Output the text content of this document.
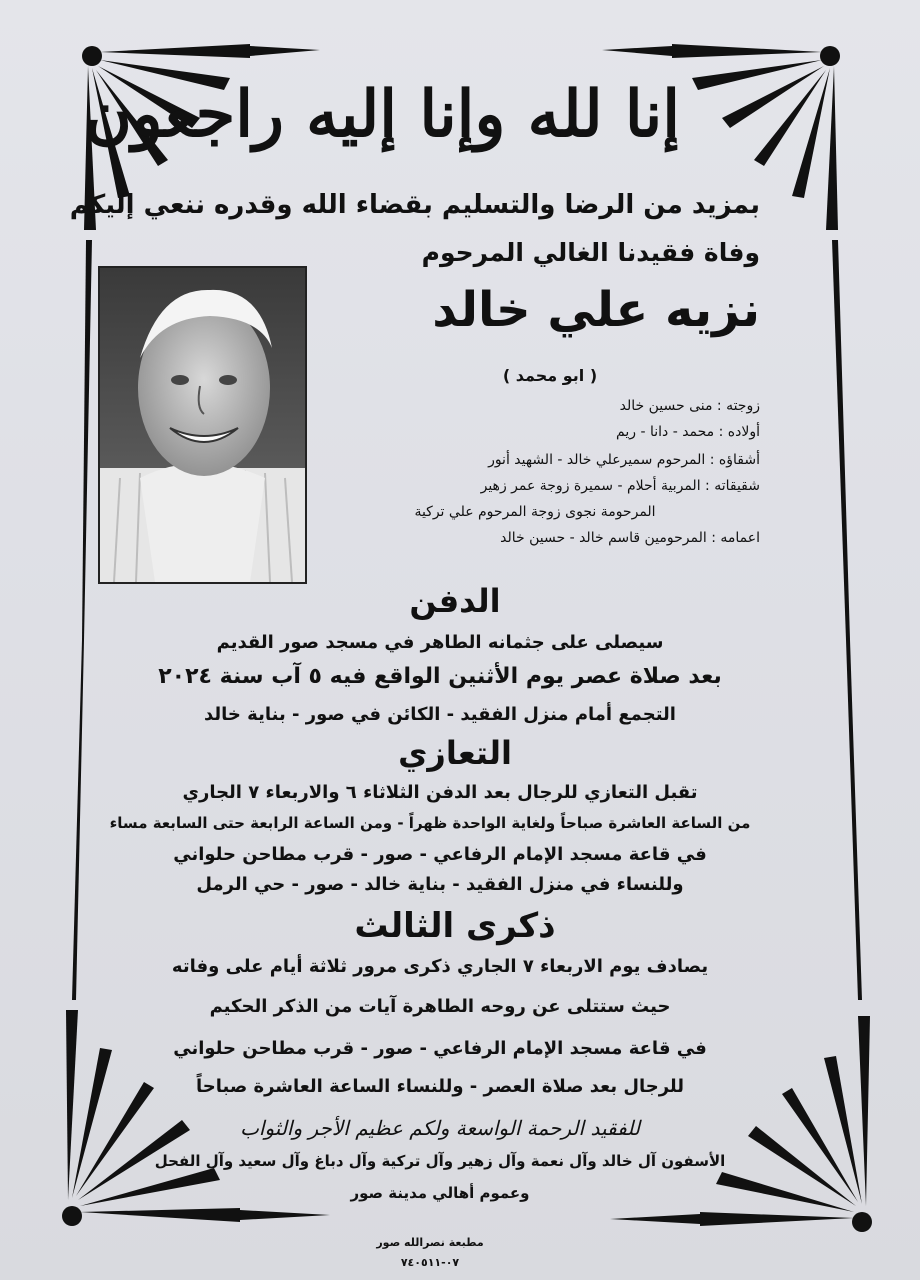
إنا لله وإنا إليه راجعون
بمزيد من الرضا والتسليم بقضاء الله وقدره ننعي إليكم
وفاة فقيدنا الغالي المرحوم
نزيه علي خالد
( ابو محمد )
زوجته : منى حسين خالد
أولاده : محمد - دانا - ريم
أشقاؤه : المرحوم سميرعلي خالد - الشهيد أنور
شقيقاته : المربية أحلام - سميرة زوجة عمر زهير
المرحومة نجوى زوجة المرحوم علي تركية
اعمامه : المرحومين قاسم خالد - حسين خالد
الدفن
سيصلى على جثمانه الطاهر في مسجد صور القديم
بعد صلاة عصر يوم الأثنين الواقع فيه ٥ آب سنة ٢٠٢٤
التجمع أمام منزل الفقيد - الكائن في صور - بناية خالد
التعازي
تقبل التعازي للرجال بعد الدفن الثلاثاء ٦ والاربعاء ٧ الجاري
من الساعة العاشرة صباحاً ولغاية الواحدة ظهراً - ومن الساعة الرابعة حتى السابعة مساء
في قاعة مسجد الإمام الرفاعي - صور - قرب مطاحن حلواني
وللنساء في منزل الفقيد - بناية خالد - صور - حي الرمل
ذكرى الثالث
يصادف يوم الاربعاء ٧ الجاري ذكرى مرور ثلاثة أيام على وفاته
حيث ستتلى عن روحه الطاهرة آيات من الذكر الحكيم
في قاعة مسجد الإمام الرفاعي - صور - قرب مطاحن حلواني
للرجال بعد صلاة العصر - وللنساء الساعة العاشرة صباحاً
للفقيد الرحمة الواسعة ولكم عظيم الأجر والثواب
الأسفون آل خالد وآل نعمة وآل زهير وآل تركية وآل دباغ وآل سعيد وآل الفحل
وعموم أهالي مدينة صور
مطبعة نصرالله صور
٠٧-٧٤٠٥١١
